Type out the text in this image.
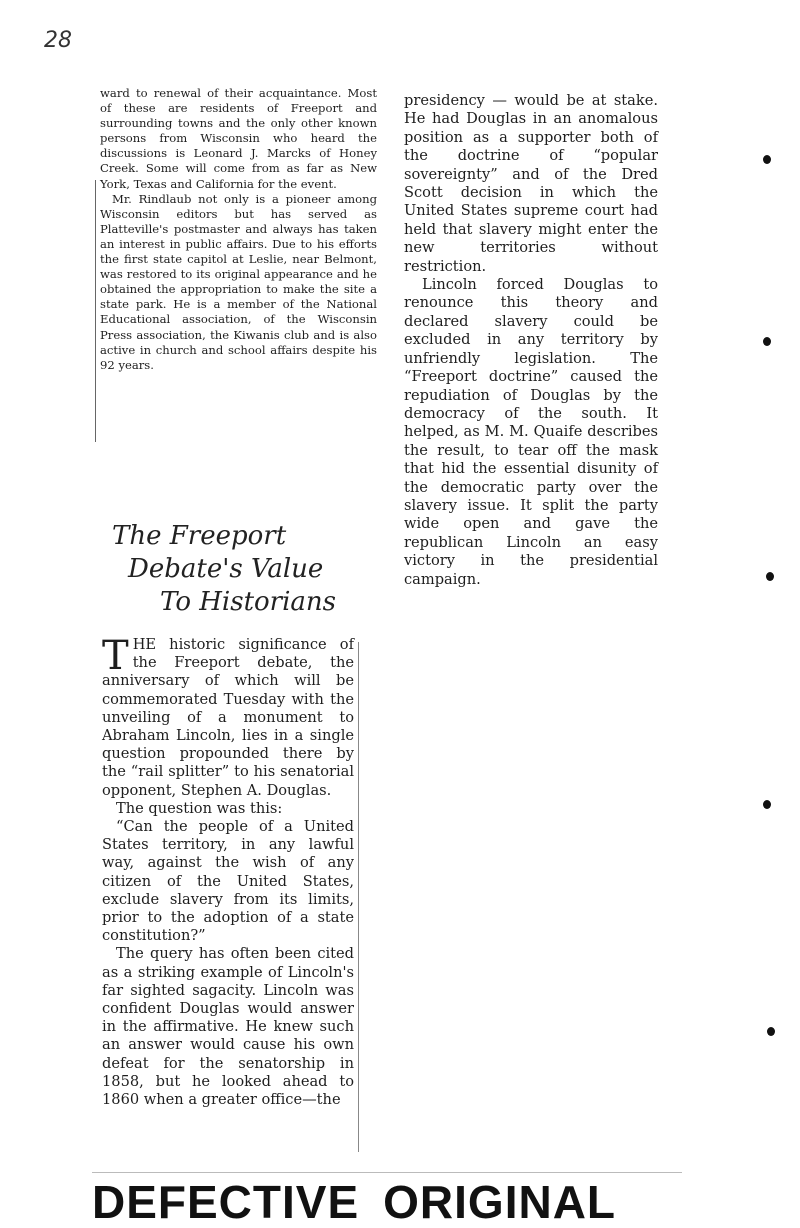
28

ward to renewal of their acquaintance. Most of these are residents of Freeport and surrounding towns and the only other known persons from Wisconsin who heard the discussions is Leonard J. Marcks of Honey Creek. Some will come from as far as New York, Texas and California for the event.

Mr. Rindlaub not only is a pioneer among Wisconsin editors but has served as Platteville's postmaster and always has taken an interest in public affairs. Due to his efforts the first state capitol at Leslie, near Belmont, was restored to its original appearance and he obtained the appropriation to make the site a state park. He is a member of the National Educational association, of the Wisconsin Press association, the Kiwanis club and is also active in church and school affairs despite his 92 years.

The Freeport
Debate's Value
To Historians

THE historic significance of the Freeport debate, the anniversary of which will be commemorated Tuesday with the unveiling of a monument to Abraham Lincoln, lies in a single question propounded there by the “rail splitter” to his senatorial opponent, Stephen A. Douglas.

The question was this:

“Can the people of a United States territory, in any lawful way, against the wish of any citizen of the United States, exclude slavery from its limits, prior to the adoption of a state constitution?”

The query has often been cited as a striking example of Lincoln's far sighted sagacity. Lincoln was confident Douglas would answer in the affirmative. He knew such an answer would cause his own defeat for the senatorship in 1858, but he looked ahead to 1860 when a greater office—the

presidency — would be at stake. He had Douglas in an anomalous position as a supporter both of the doctrine of “popular sovereignty” and of the Dred Scott decision in which the United States supreme court had held that slavery might enter the new territories without restriction.

Lincoln forced Douglas to renounce this theory and declared slavery could be excluded in any territory by unfriendly legislation. The “Freeport doctrine” caused the repudiation of Douglas by the democracy of the south. It helped, as M. M. Quaife describes the result, to tear off the mask that hid the essential disunity of the democratic party over the slavery issue. It split the party wide open and gave the republican Lincoln an easy victory in the presidential campaign.

DEFECTIVE ORIGINAL
